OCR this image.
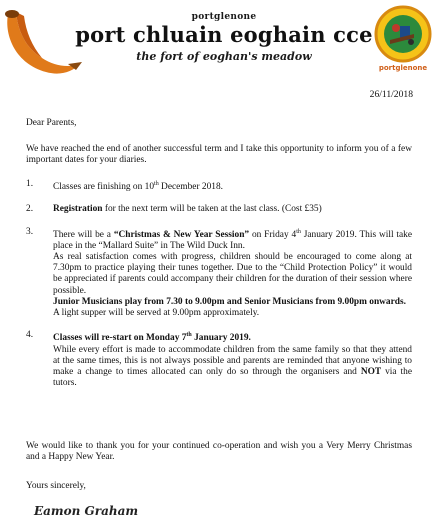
portglenone
portglenone
port chluain eoghain cce
the fort of eoghan's meadow
26/11/2018
Dear Parents,
We have reached the end of another successful term and I take this opportunity to inform you of a few important dates for your diaries.
1. Classes are finishing on 10th December 2018.
2. Registration for the next term will be taken at the last class. (Cost £35)
3. There will be a “Christmas & New Year Session” on Friday 4th January 2019. This will take place in the “Mallard Suite” in The Wild Duck Inn.
As real satisfaction comes with progress, children should be encouraged to come along at 7.30pm to practice playing their tunes together. Due to the “Child Protection Policy” it would be appreciated if parents could accompany their children for the duration of their session where possible.
Junior Musicians play from 7.30 to 9.00pm and Senior Musicians from 9.00pm onwards.
A light supper will be served at 9.00pm approximately.
4. Classes will re-start on Monday 7th January 2019.
While every effort is made to accommodate children from the same family so that they attend at the same times, this is not always possible and parents are reminded that anyone wishing to make a change to times allocated can only do so through the organisers and NOT via the tutors.
We would like to thank you for your continued co-operation and wish you a Very Merry Christmas and a Happy New Year.
Yours sincerely,
Eamon Graham
